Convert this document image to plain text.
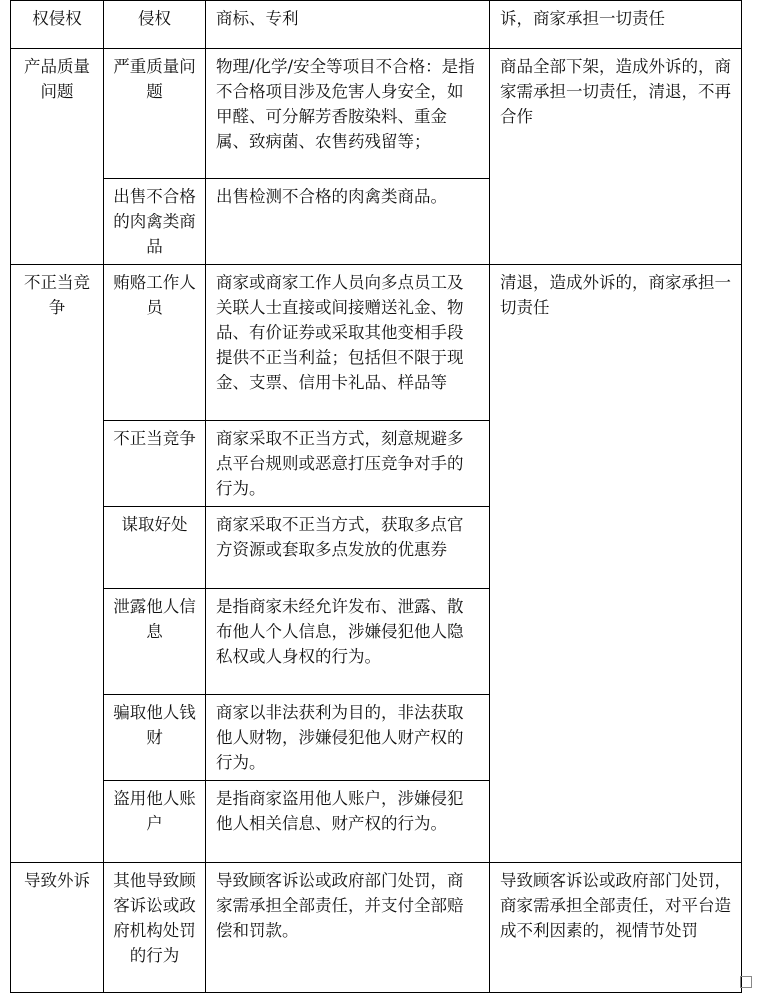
权侵权	侵权	商标、专利	诉，商家承担一切责任
产品质量问题	严重质量问题	物理/化学/安全等项目不合格：是指不合格项目涉及危害人身安全，如甲醛、可分解芳香胺染料、重金属、致病菌、农售药残留等；	商品全部下架，造成外诉的，商家需承担一切责任，清退，不再合作
	出售不合格的肉禽类商品	出售检测不合格的肉禽类商品。	
不正当竞争	贿赂工作人员	商家或商家工作人员向多点员工及关联人士直接或间接赠送礼金、物品、有价证券或采取其他变相手段提供不正当利益；包括但不限于现金、支票、信用卡礼品、样品等	清退，造成外诉的，商家承担一切责任
	不正当竞争	商家采取不正当方式，刻意规避多点平台规则或恶意打压竞争对手的行为。	
	谋取好处	商家采取不正当方式，获取多点官方资源或套取多点发放的优惠券	
	泄露他人信息	是指商家未经允许发布、泄露、散布他人个人信息，涉嫌侵犯他人隐私权或人身权的行为。	
	骗取他人钱财	商家以非法获利为目的，非法获取他人财物，涉嫌侵犯他人财产权的行为。	
	盗用他人账户	是指商家盗用他人账户，涉嫌侵犯他人相关信息、财产权的行为。	
导致外诉	其他导致顾客诉讼或政府机构处罚的行为	导致顾客诉讼或政府部门处罚，商家需承担全部责任，并支付全部赔偿和罚款。	导致顾客诉讼或政府部门处罚，商家需承担全部责任，对平台造成不利因素的，视情节处罚
